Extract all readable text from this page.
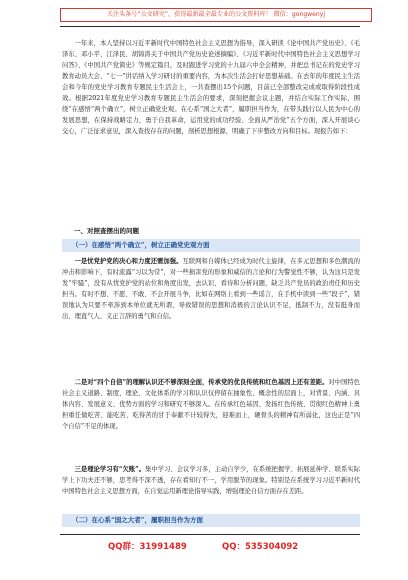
关注头条号“公文研究”，获得最新最全最专业的公文资料库！ 微信：gongwenyj

一年来，本人坚持以习近平新时代中国特色社会主义思想为指导，深入研读《论中国共产党历史》、《毛泽东、邓小平、江泽民、胡锦涛关于中国共产党历史论述摘编》、《习近平新时代中国特色社会主义思想学习问答》、《中国共产党简史》等规定篇目，及时跟进学习党的十九届六中全会精神，并把总书记在的党史学习教育动员大会、“七一”讲话纳入学习研讨的重要内容，为本次生活会打好思想基础。在去年的年度民主生活会和今年的党史学习教育专题民主生活会上，一共查摆出15个问题，目前已全部整改完成或取得阶段性成效。根据2021年度党史学习教育专题民主生活会的要求，深刻把握会议主题，并结合实际工作实际，围绕“在感悟“两个确立”，树立正确党史观。在心系“国之大者”，履职担当作为，在带头践行以人民为中心的发展思想，在保持战略定力，勇于自我革命，运用党的成功经验、全面从严治党”五个方面，深入开展谈心交心，广泛征求意见，深入查找存在的问题，剖析思想根源，明确了下步整改方向和目标。现报告如下：

一、对照查摆出的问题

（一）在感悟“两个确立”，树立正确党史观方面

一是忧党护党的决心和力度还需加强。互联网和自媒体已经成为时代主旋律，在多元思想和多色潮流的冲击和影响下，有时流露“习以为常”，对一些损害党的形象和威信的言论和行为警觉性不够，认为这只是发发“牢骚”，没有从忧党护党的站位和角度出发，去认识、看待和分析问题，缺乏共产党员的政治责任和历史担当。有时不想、不愿、不敢、不会开展斗争，比如在网络上看到一些谣言，在手机中读到一些“段子”，错误地认为只要不牵涉到本单位就无所谓，导致错误的思想和消极的言论认识不足，抵制不力，没有挺身而出、理直气人、义正言辞的勇气和自信。

二是对“四个自信”的理解认识还不够深刻全面，传承党的优良传统和红色基因上还有差距。对中国特色社会主义道路、制度、理论、文化体系的学习和认识仅停留在抽象性、概念性的层面上，对背景、内涵、具体内容、发展意义、优势方面的学习和研究不够深入。在传承红色基因、发扬红色传统、贯彻红色精神上勇担重任做吃苦、能吃苦、吃得苦的甘于奉献不计较得失，迎难而上，硬骨头的精神有所弱化，这也正是“四个自信”不足的体现。

三是理论学习有“欠账”。集中学习、会议学习多，主动自学少，在系统把握学、拓展延伸学、联系实际学上下功夫还不够，思考得不深不透，存在看知行不一，学用脱节的现象。特别是在系统学习习近平新时代中国特色社会主义思想方面，在自觉运用新理论指导实践，增强理论自信方面存在差距。

（二）在心系“国之大者”，履职担当作为方面
QQ群：31991489	QQ：535304092
